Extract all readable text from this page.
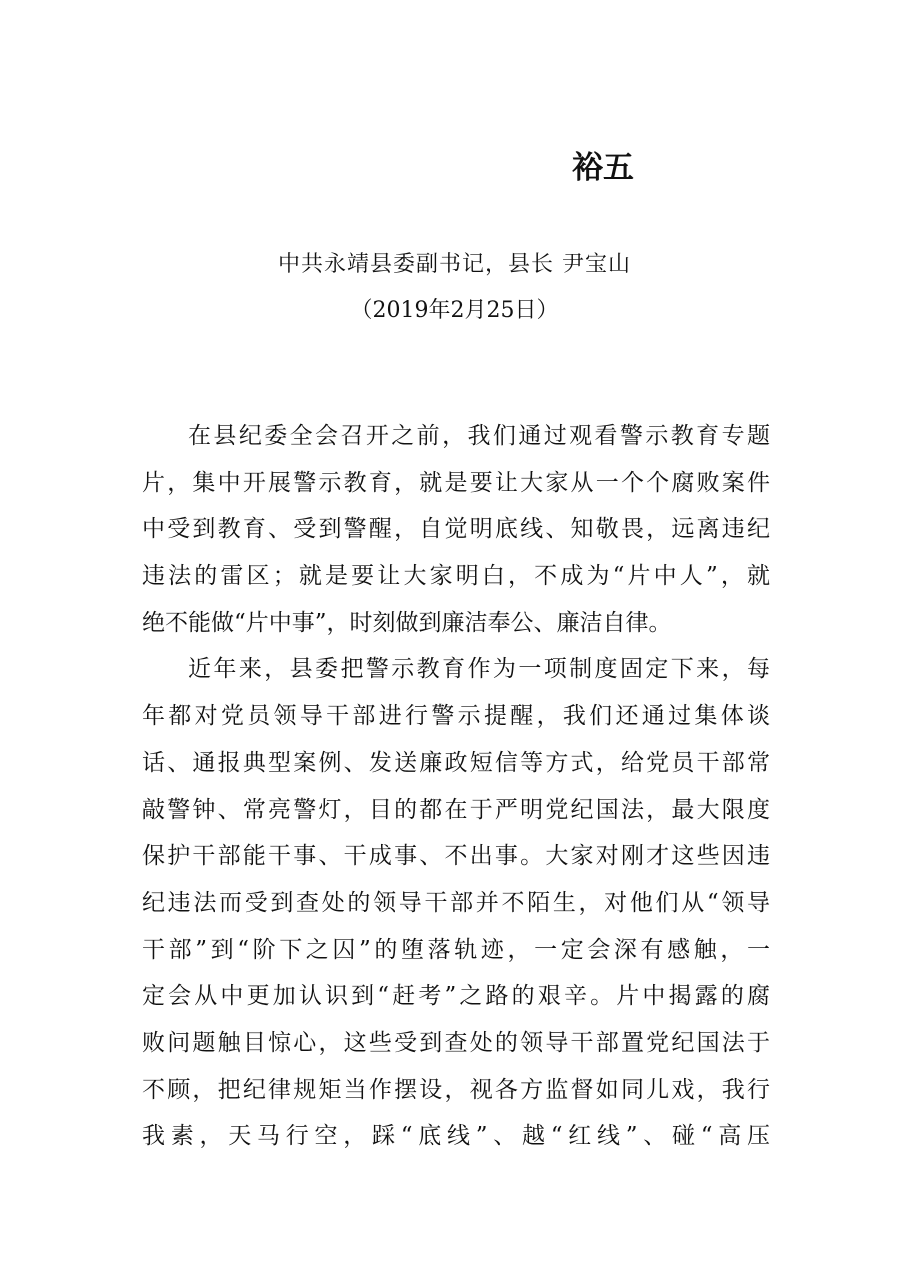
裕五

中共永靖县委副书记，县长 尹宝山

（2019年2月25日）

在县纪委全会召开之前，我们通过观看警示教育专题
片，集中开展警示教育，就是要让大家从一个个腐败案件
中受到教育、受到警醒，自觉明底线、知敬畏，远离违纪
违法的雷区；就是要让大家明白，不成为“片中人”，就
绝不能做“片中事”，时刻做到廉洁奉公、廉洁自律。
近年来，县委把警示教育作为一项制度固定下来，每
年都对党员领导干部进行警示提醒，我们还通过集体谈
话、通报典型案例、发送廉政短信等方式，给党员干部常
敲警钟、常亮警灯，目的都在于严明党纪国法，最大限度
保护干部能干事、干成事、不出事。大家对刚才这些因违
纪违法而受到查处的领导干部并不陌生，对他们从“领导
干部”到“阶下之囚”的堕落轨迹，一定会深有感触，一
定会从中更加认识到“赶考”之路的艰辛。片中揭露的腐
败问题触目惊心，这些受到查处的领导干部置党纪国法于
不顾，把纪律规矩当作摆设，视各方监督如同儿戏，我行
我素，天马行空，踩“底线”、越“红线”、碰“高压
